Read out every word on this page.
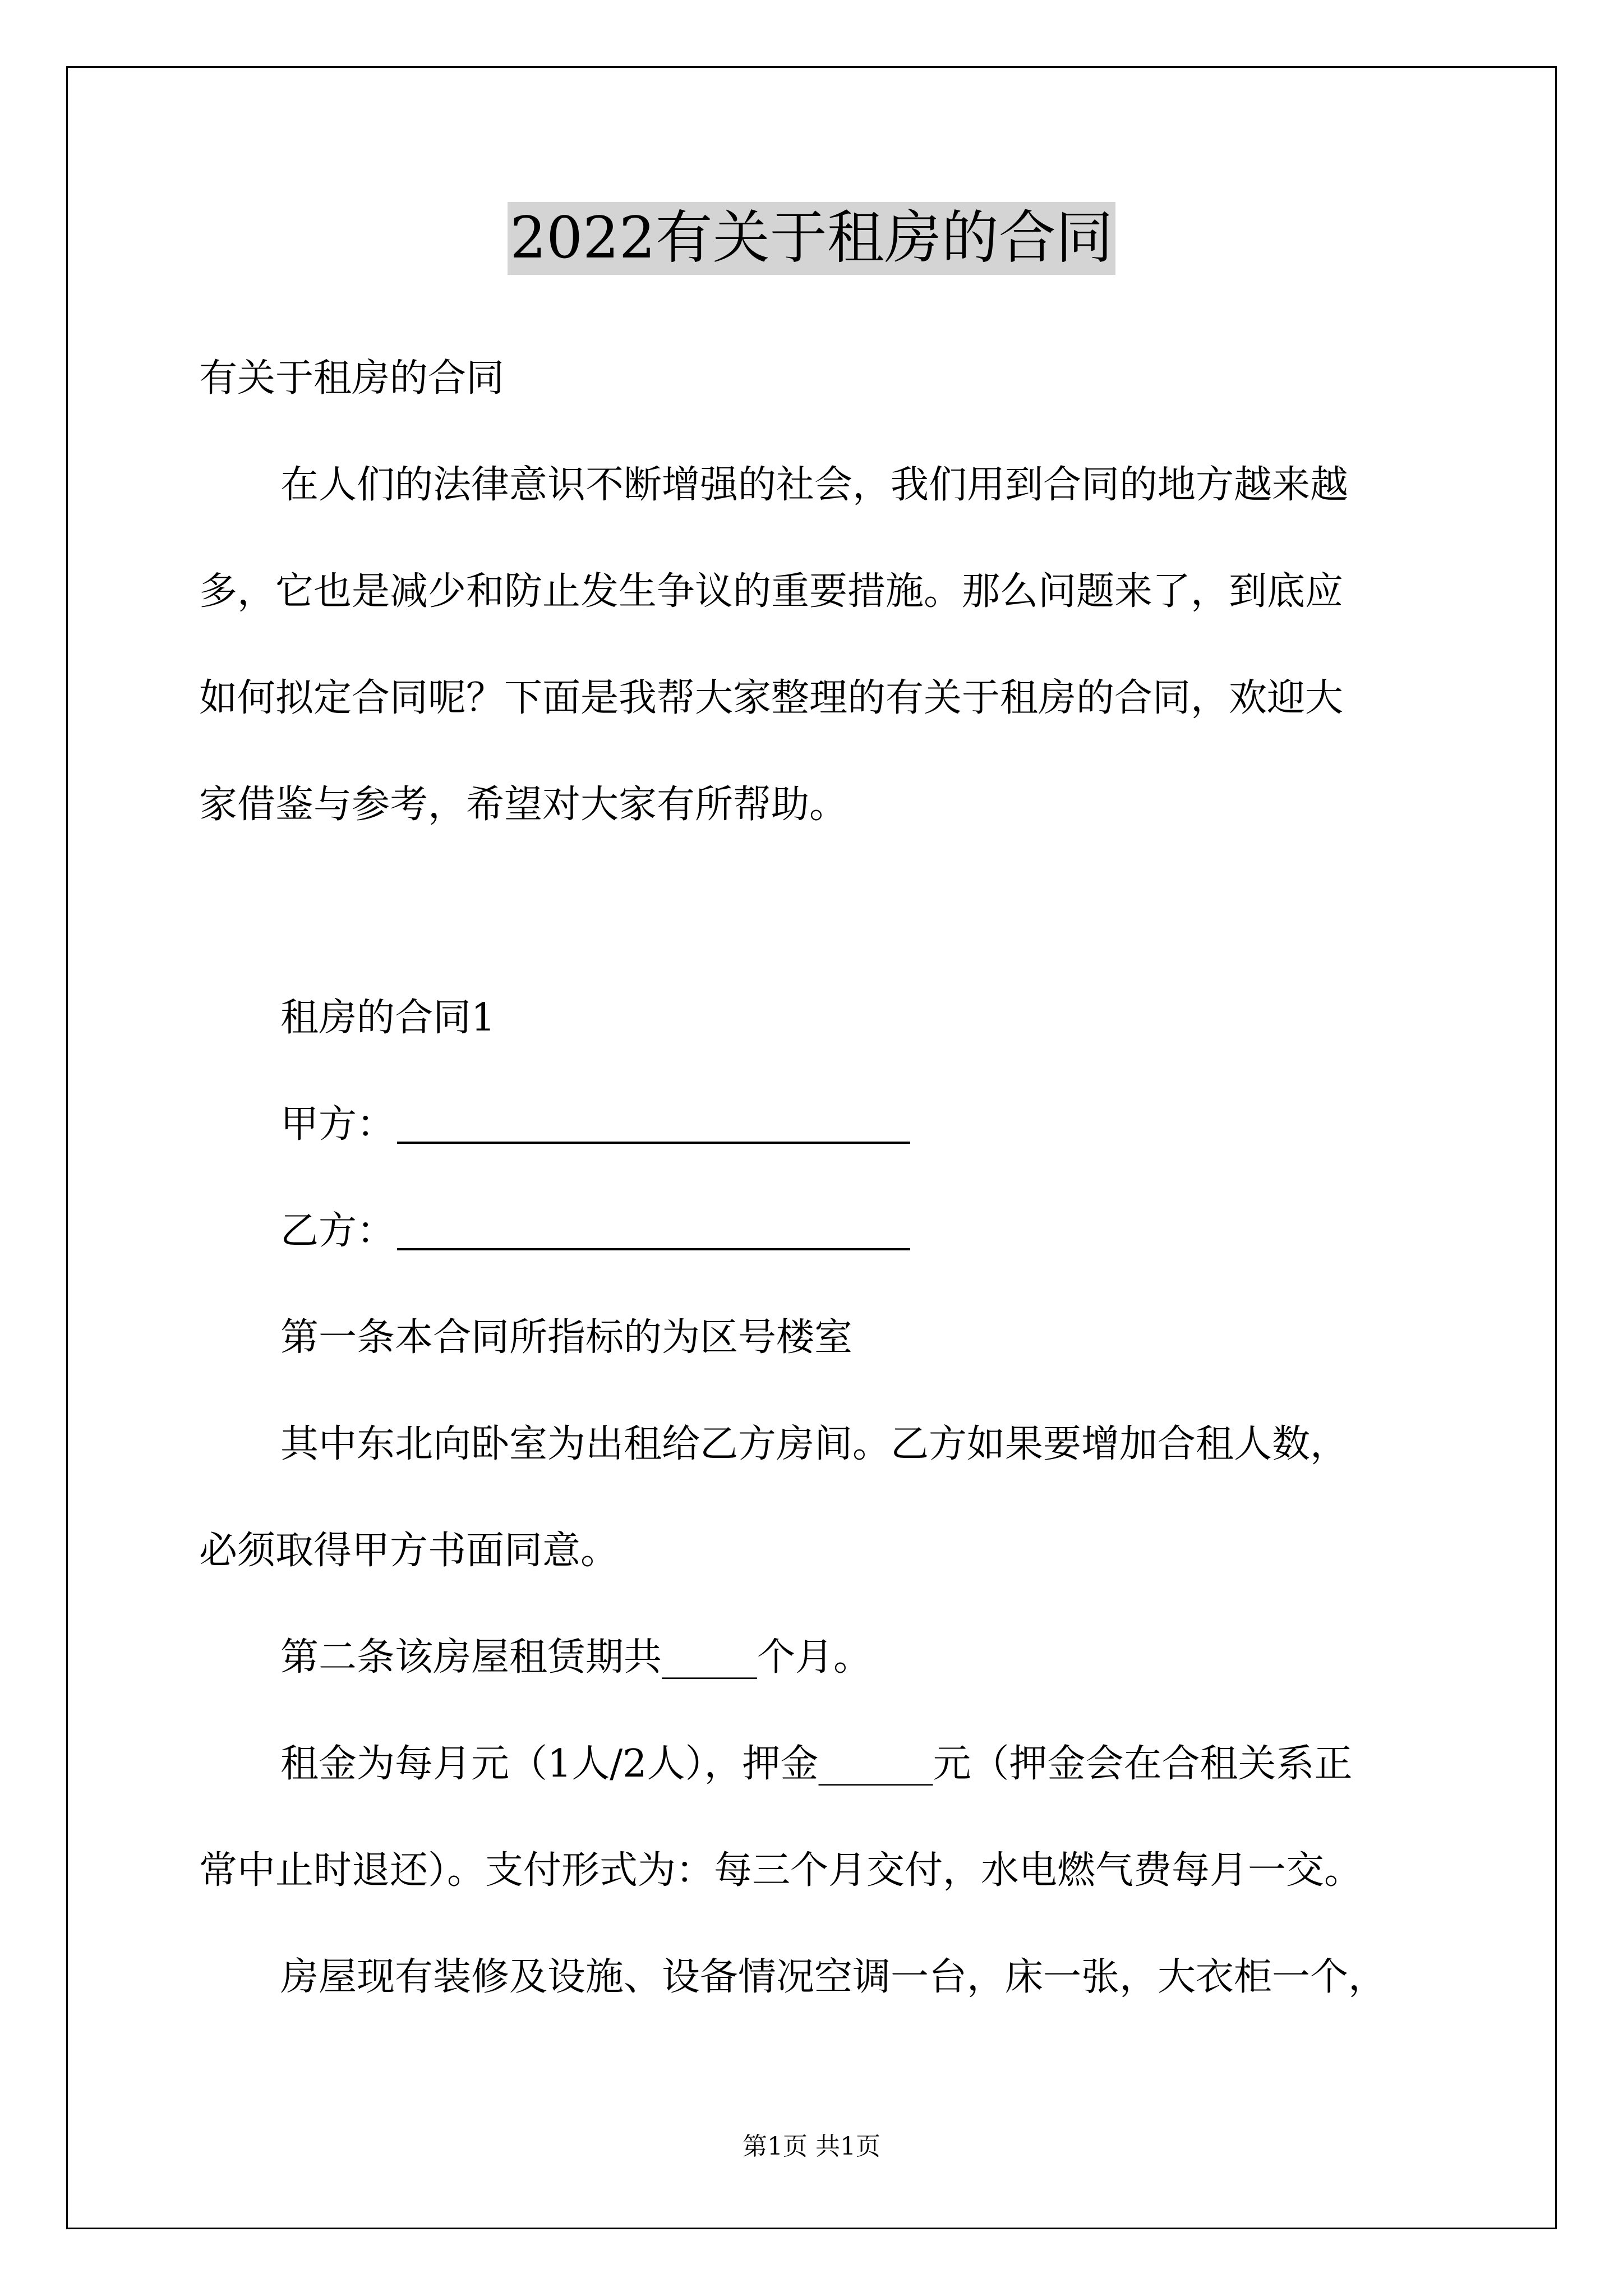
2022有关于租房的合同
有关于租房的合同
在人们的法律意识不断增强的社会，我们用到合同的地方越来越
多，它也是减少和防止发生争议的重要措施。那么问题来了，到底应
如何拟定合同呢？下面是我帮大家整理的有关于租房的合同，欢迎大
家借鉴与参考，希望对大家有所帮助。
租房的合同1
甲方：
乙方：
第一条本合同所指标的为区号楼室
其中东北向卧室为出租给乙方房间。乙方如果要增加合租人数，
必须取得甲方书面同意。
第二条该房屋租赁期共_____个月。
租金为每月元（1人/2人），押金______元（押金会在合租关系正
常中止时退还）。支付形式为：每三个月交付，水电燃气费每月一交。
房屋现有装修及设施、设备情况空调一台，床一张，大衣柜一个，
第1页 共1页
